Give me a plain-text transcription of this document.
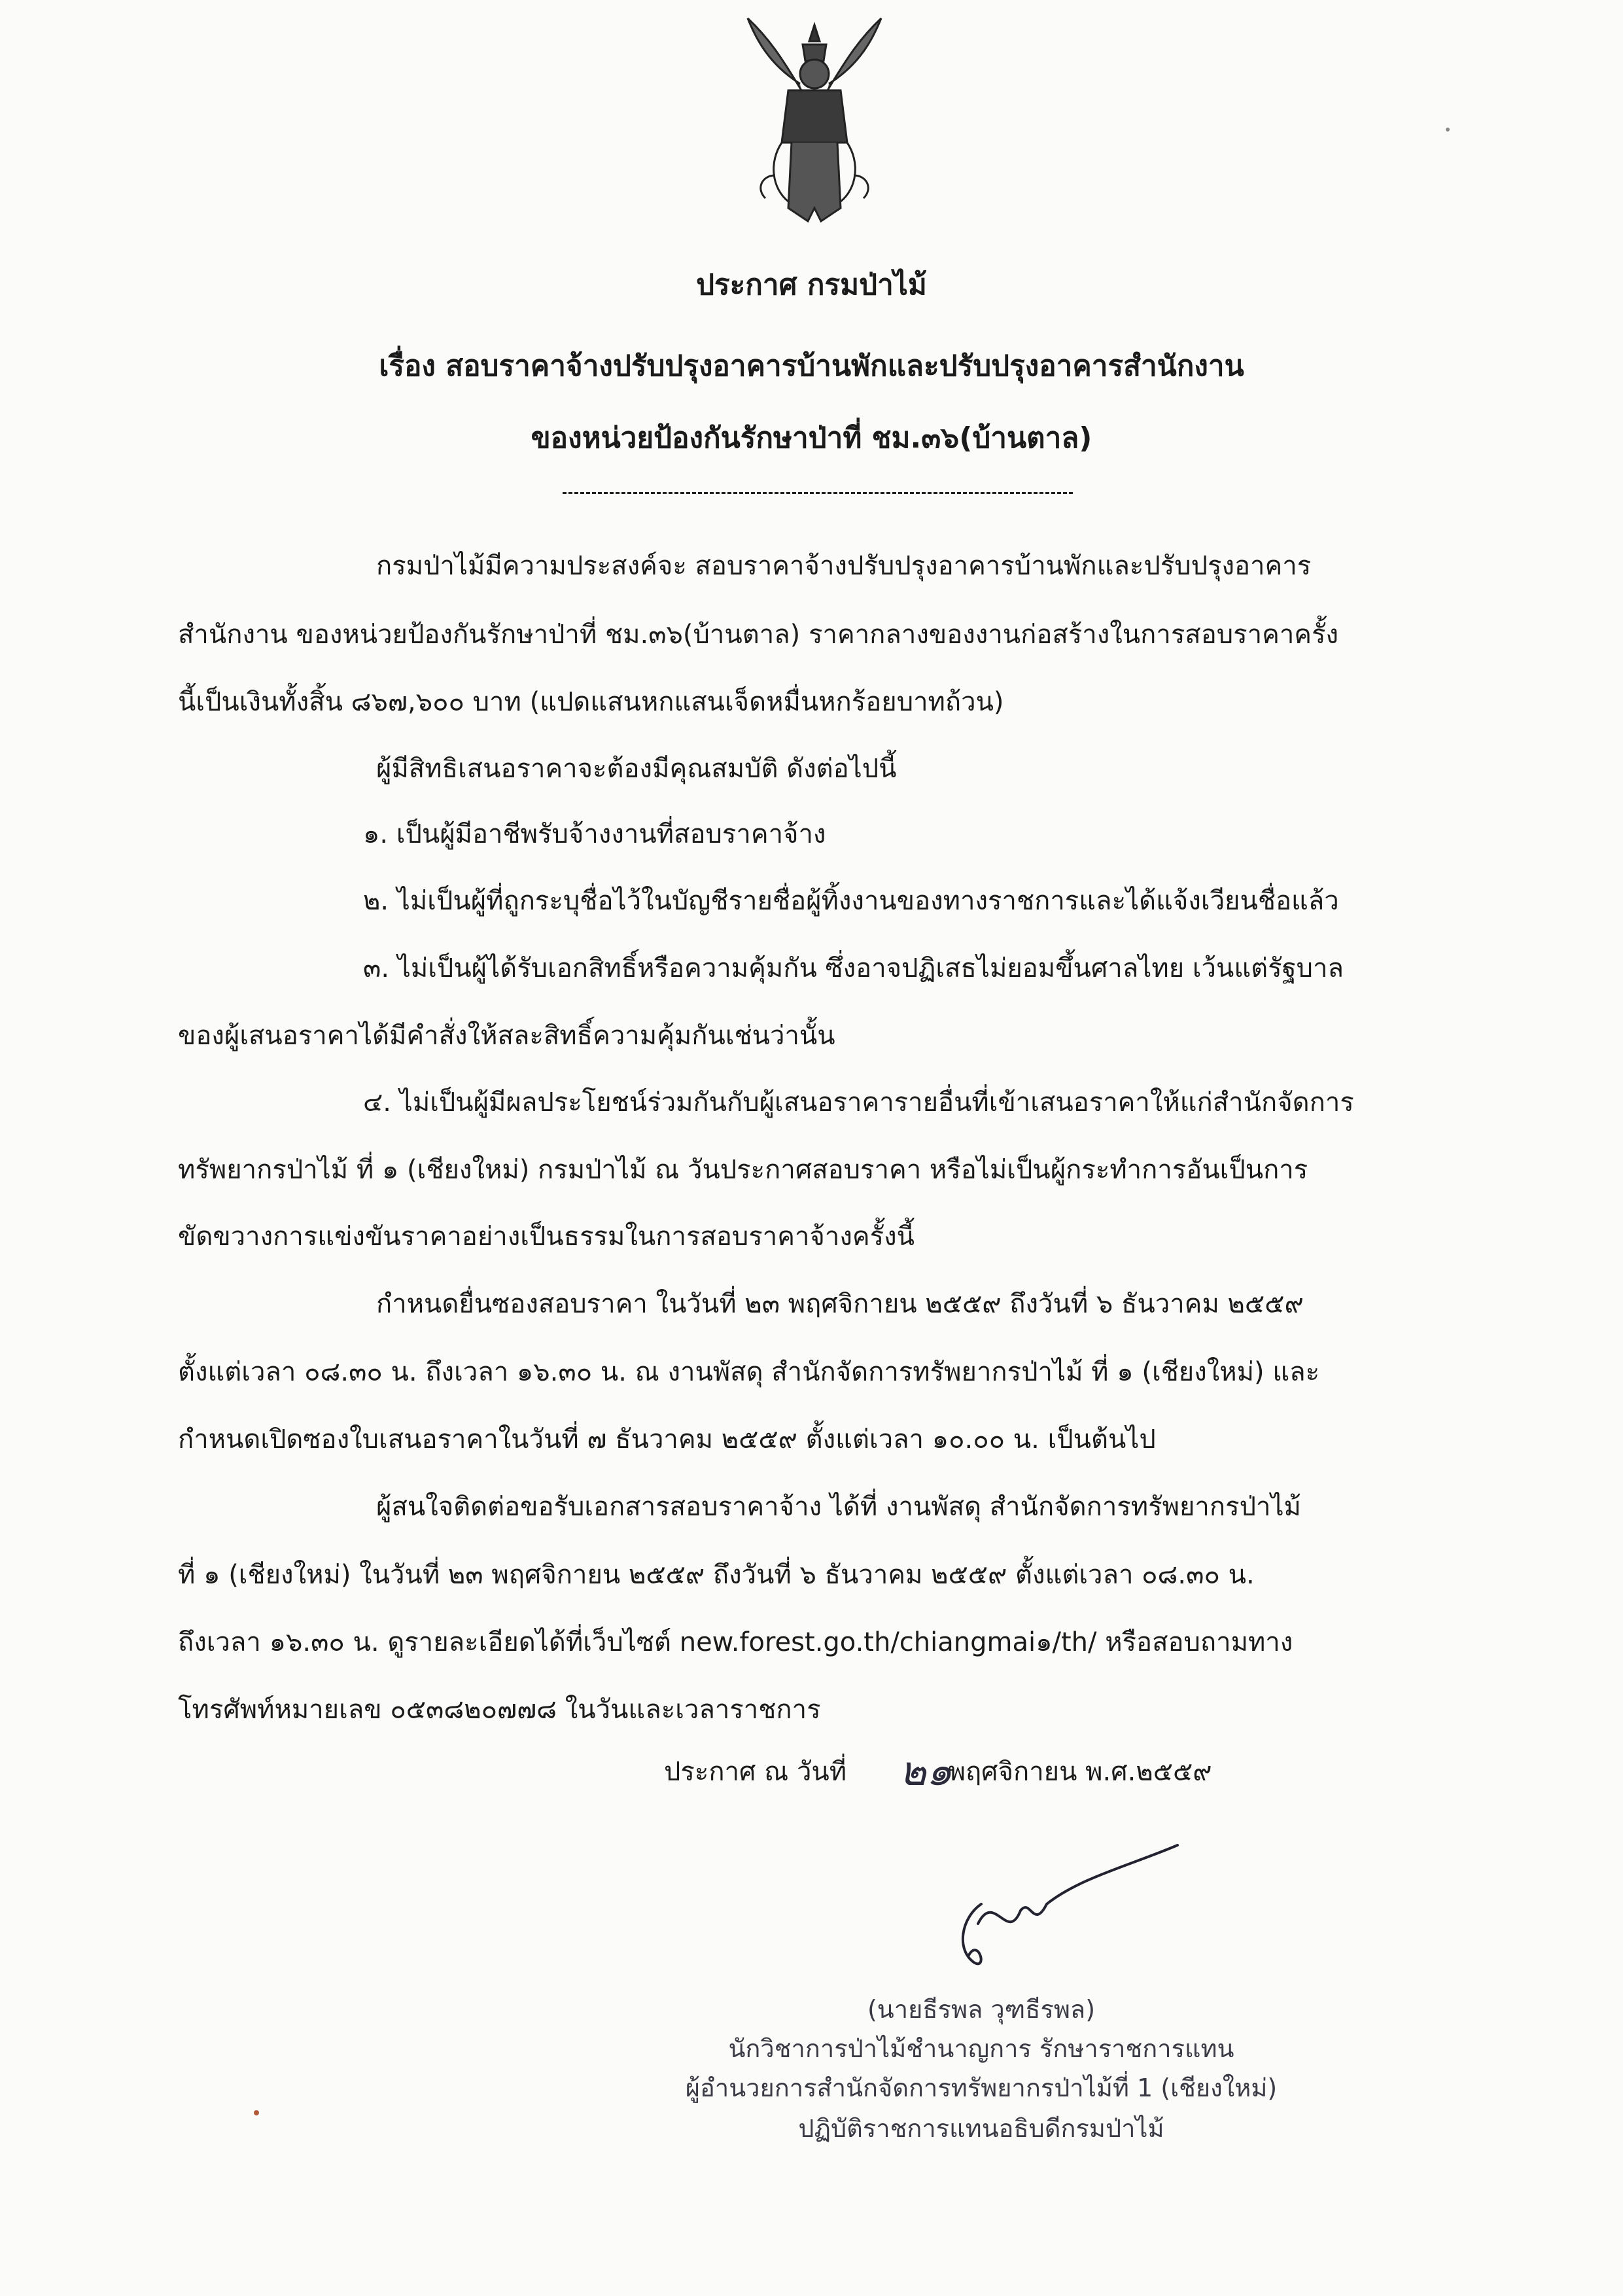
ประกาศ กรมป่าไม้
เรื่อง สอบราคาจ้างปรับปรุงอาคารบ้านพักและปรับปรุงอาคารสำนักงาน
ของหน่วยป้องกันรักษาป่าที่ ชม.๓๖(บ้านตาล)
กรมป่าไม้มีความประสงค์จะ สอบราคาจ้างปรับปรุงอาคารบ้านพักและปรับปรุงอาคาร
สำนักงาน ของหน่วยป้องกันรักษาป่าที่ ชม.๓๖(บ้านตาล) ราคากลางของงานก่อสร้างในการสอบราคาครั้ง
นี้เป็นเงินทั้งสิ้น ๘๖๗,๖๐๐ บาท (แปดแสนหกแสนเจ็ดหมื่นหกร้อยบาทถ้วน)
ผู้มีสิทธิเสนอราคาจะต้องมีคุณสมบัติ ดังต่อไปนี้
๑. เป็นผู้มีอาชีพรับจ้างงานที่สอบราคาจ้าง
๒. ไม่เป็นผู้ที่ถูกระบุชื่อไว้ในบัญชีรายชื่อผู้ทิ้งงานของทางราชการและได้แจ้งเวียนชื่อแล้ว
๓. ไม่เป็นผู้ได้รับเอกสิทธิ์หรือความคุ้มกัน ซึ่งอาจปฏิเสธไม่ยอมขึ้นศาลไทย เว้นแต่รัฐบาล
ของผู้เสนอราคาได้มีคำสั่งให้สละสิทธิ์ความคุ้มกันเช่นว่านั้น
๔. ไม่เป็นผู้มีผลประโยชน์ร่วมกันกับผู้เสนอราคารายอื่นที่เข้าเสนอราคาให้แก่สำนักจัดการ
ทรัพยากรป่าไม้ ที่ ๑ (เชียงใหม่) กรมป่าไม้ ณ วันประกาศสอบราคา หรือไม่เป็นผู้กระทำการอันเป็นการ
ขัดขวางการแข่งขันราคาอย่างเป็นธรรมในการสอบราคาจ้างครั้งนี้
กำหนดยื่นซองสอบราคา ในวันที่ ๒๓ พฤศจิกายน ๒๕๕๙ ถึงวันที่ ๖ ธันวาคม ๒๕๕๙
ตั้งแต่เวลา ๐๘.๓๐ น. ถึงเวลา ๑๖.๓๐ น. ณ งานพัสดุ สำนักจัดการทรัพยากรป่าไม้ ที่ ๑ (เชียงใหม่) และ
กำหนดเปิดซองใบเสนอราคาในวันที่ ๗ ธันวาคม ๒๕๕๙ ตั้งแต่เวลา ๑๐.๐๐ น. เป็นต้นไป
ผู้สนใจติดต่อขอรับเอกสารสอบราคาจ้าง ได้ที่ งานพัสดุ สำนักจัดการทรัพยากรป่าไม้
ที่ ๑ (เชียงใหม่) ในวันที่ ๒๓ พฤศจิกายน ๒๕๕๙ ถึงวันที่ ๖ ธันวาคม ๒๕๕๙ ตั้งแต่เวลา ๐๘.๓๐ น.
ถึงเวลา ๑๖.๓๐ น. ดูรายละเอียดได้ที่เว็บไซต์ new.forest.go.th/chiangmai๑/th/ หรือสอบถามทาง
โทรศัพท์หมายเลข ๐๕๓๘๒๐๗๗๘ ในวันและเวลาราชการ
ประกาศ ณ วันที่	พฤศจิกายน พ.ศ.๒๕๕๙
๒๑
(นายธีรพล วุฑธีรพล)
นักวิชาการป่าไม้ชำนาญการ รักษาราชการแทน
ผู้อำนวยการสำนักจัดการทรัพยากรป่าไม้ที่ 1 (เชียงใหม่)
ปฏิบัติราชการแทนอธิบดีกรมป่าไม้
